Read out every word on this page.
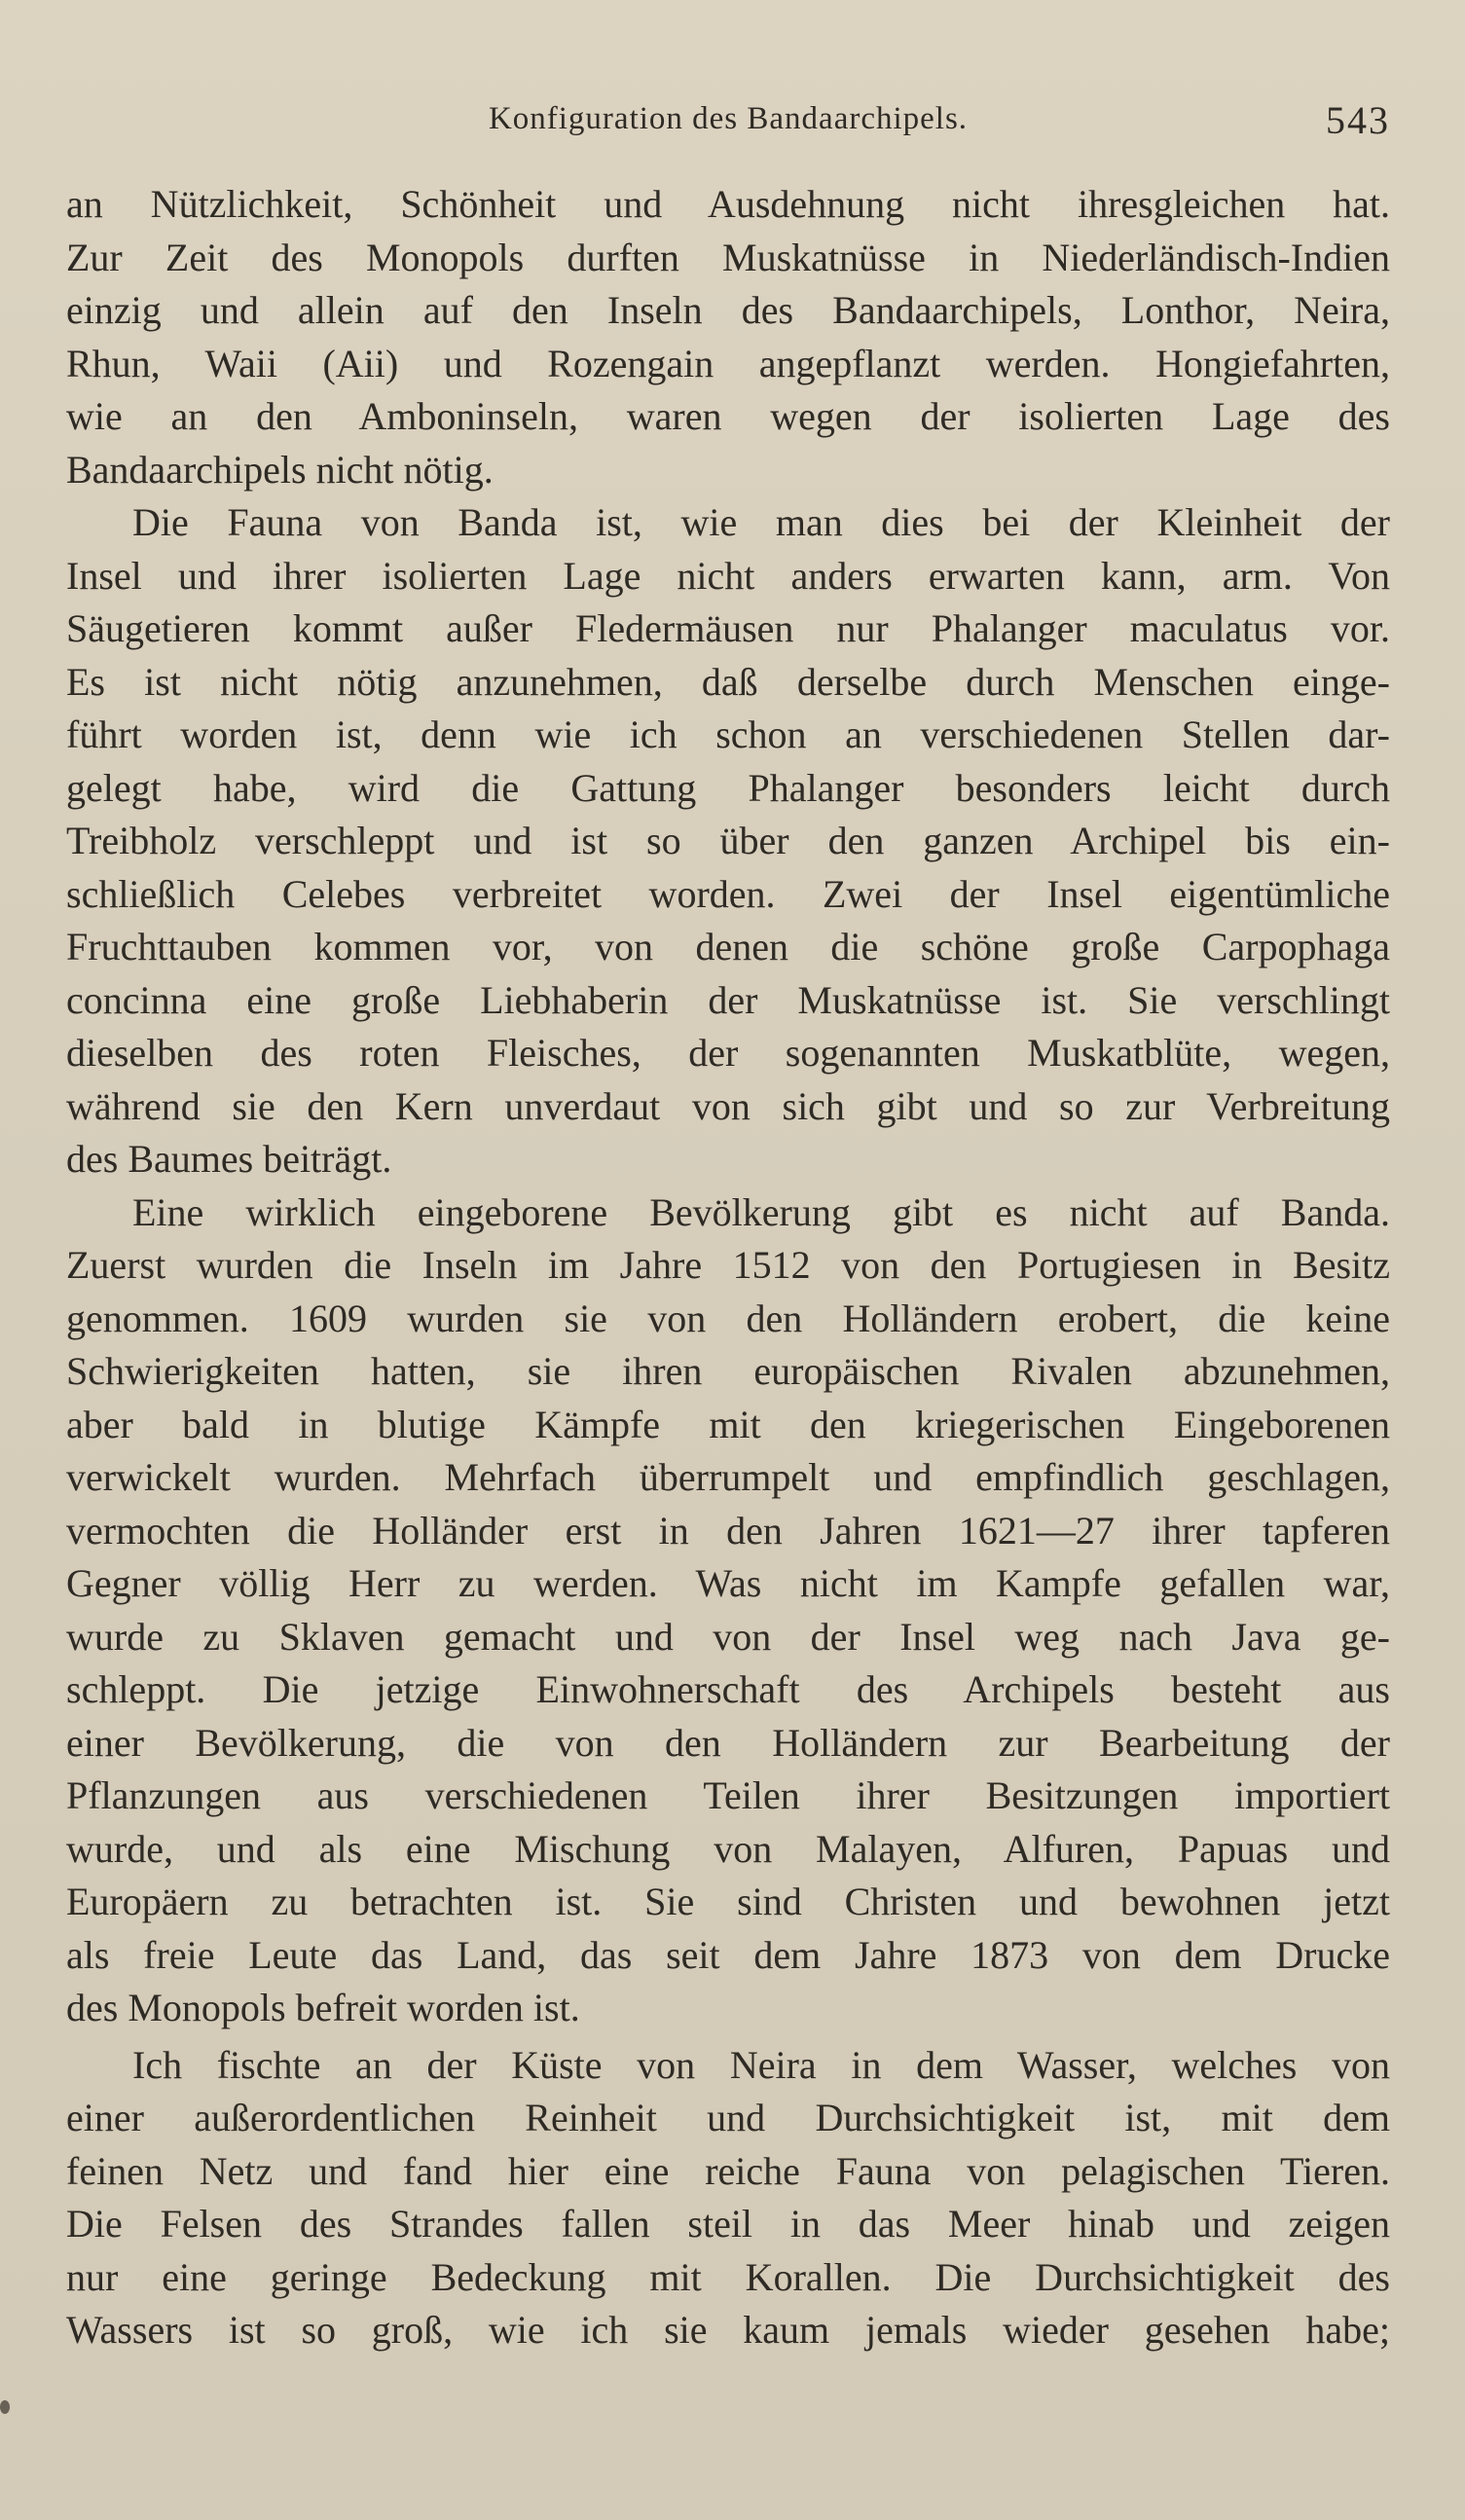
Konfiguration des Bandaarchipels.	543
an Nützlichkeit, Schönheit und Ausdehnung nicht ihresgleichen hat.
Zur Zeit des Monopols durften Muskatnüsse in Niederländisch-Indien
einzig und allein auf den Inseln des Bandaarchipels, Lonthor, Neira,
Rhun, Waii (Aii) und Rozengain angepflanzt werden. Hongiefahrten,
wie an den Amboninseln, waren wegen der isolierten Lage des
Bandaarchipels nicht nötig.
Die Fauna von Banda ist, wie man dies bei der Kleinheit der
Insel und ihrer isolierten Lage nicht anders erwarten kann, arm. Von
Säugetieren kommt außer Fledermäusen nur Phalanger maculatus vor.
Es ist nicht nötig anzunehmen, daß derselbe durch Menschen einge-
führt worden ist, denn wie ich schon an verschiedenen Stellen dar-
gelegt habe, wird die Gattung Phalanger besonders leicht durch
Treibholz verschleppt und ist so über den ganzen Archipel bis ein-
schließlich Celebes verbreitet worden. Zwei der Insel eigentümliche
Fruchttauben kommen vor, von denen die schöne große Carpophaga
concinna eine große Liebhaberin der Muskatnüsse ist. Sie verschlingt
dieselben des roten Fleisches, der sogenannten Muskatblüte, wegen,
während sie den Kern unverdaut von sich gibt und so zur Verbreitung
des Baumes beiträgt.
Eine wirklich eingeborene Bevölkerung gibt es nicht auf Banda.
Zuerst wurden die Inseln im Jahre 1512 von den Portugiesen in Besitz
genommen. 1609 wurden sie von den Holländern erobert, die keine
Schwierigkeiten hatten, sie ihren europäischen Rivalen abzunehmen,
aber bald in blutige Kämpfe mit den kriegerischen Eingeborenen
verwickelt wurden. Mehrfach überrumpelt und empfindlich geschlagen,
vermochten die Holländer erst in den Jahren 1621—27 ihrer tapferen
Gegner völlig Herr zu werden. Was nicht im Kampfe gefallen war,
wurde zu Sklaven gemacht und von der Insel weg nach Java ge-
schleppt. Die jetzige Einwohnerschaft des Archipels besteht aus
einer Bevölkerung, die von den Holländern zur Bearbeitung der
Pflanzungen aus verschiedenen Teilen ihrer Besitzungen importiert
wurde, und als eine Mischung von Malayen, Alfuren, Papuas und
Europäern zu betrachten ist. Sie sind Christen und bewohnen jetzt
als freie Leute das Land, das seit dem Jahre 1873 von dem Drucke
des Monopols befreit worden ist.
Ich fischte an der Küste von Neira in dem Wasser, welches von
einer außerordentlichen Reinheit und Durchsichtigkeit ist, mit dem
feinen Netz und fand hier eine reiche Fauna von pelagischen Tieren.
Die Felsen des Strandes fallen steil in das Meer hinab und zeigen
nur eine geringe Bedeckung mit Korallen. Die Durchsichtigkeit des
Wassers ist so groß, wie ich sie kaum jemals wieder gesehen habe;
